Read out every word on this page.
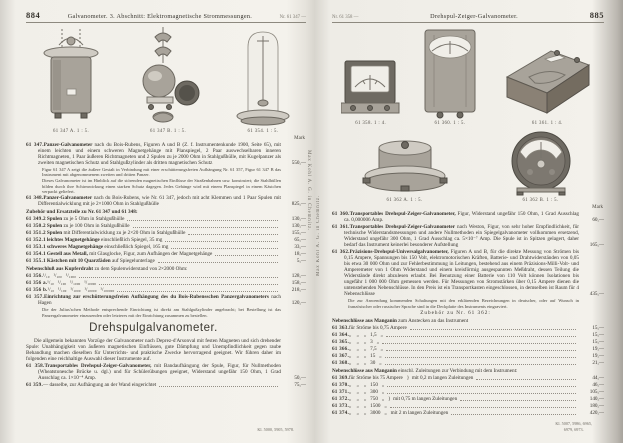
884	Galvanometer. 3. Abschnitt: Elektromagnetische Strommessungen.	Nr. 61 347 —
61 347 A. 1 : 5.	61 347 B. 1 : 5.	61 354. 1 : 5.
Mark
61 347.Panzer-Galvanometer nach du Bois-Rubens, Figuren A und B (Z. f. Instrumentenkunde 1900, Seite 65), mit einem leichten und einem schweren Magnetgehänge mit Planspiegel, 2 Paar auswechselbaren inneren Richtmagneten, 1 Paar äußeren Richtmagneten und 2 Spulen zu je 2000 Ohm in Stahlgußhülle, mit Kugelpanzer als zweiten magnetischen Schutz und Stahlgußzylinder als dritten magnetischen Schutz	550,—
Figur 61 347 A zeigt die äußere Gestalt in Verbindung mit einer erschütterungsfreien Aufhängung Nr. 61 357, Figur 61 347 B das Instrument mit abgenommenem zweiten und dritten Panzer.
Dieses Galvanometer ist im Hinblick auf die störenden magnetischen Einflüsse der Straßenbahnen usw. konstruiert; die Stahlhüllen bilden durch ihre Schirmwirkung einen starken Schutz dagegen. Jedes Gehänge wird mit einem Planspiegel in einem Kästchen verpackt geliefert.
61 348.Panzer-Galvanometer nach du Bois-Rubens, wie Nr. 61 347, jedoch mit acht Klemmen und 1 Paar Spulen mit Differentialwicklung mit je 2×1000 Ohm in Stahlgußhülle	825,—
Zubehör und Ersatzteile zu Nr. 61 347 und 61 348:
61 349.2 Spulen zu je 5 Ohm in Stahlgußhülle	130,—
61 350.2 Spulen zu je 100 Ohm in Stahlgußhülle	130,—
61 351.2 Spulen mit Differentialwicklung zu je 2×20 Ohm in Stahlgußhülle	155,—
61 352.1 leichtes Magnetgehänge einschließlich Spiegel, 35 mg	65,—
61 353.1 schweres Magnetgehänge einschließlich Spiegel, 165 mg	33,—
61 354.1 Gestell aus Metall, mit Glasglocke, Figur, zum Aufhängen der Magnetgehänge	18,—
61 355.1 Kästchen mit 10 Quarzfäden auf Spiegelunterlage	5,—
Nebenschluß aus Kupferdraht zu dem Spulenwiderstand von 2×2000 Ohm:
61 356.¹/₁₀   ¹/₁₀₀   ¹/₁₀₀₀	128,—
61 356 a.¹/₁₀   ¹/₁₀₀   ¹/₁₀₀₀   ¹/₁₀₀₀₀	158,—
61 356 b.¹/₁₀   ¹/₁₀₀   ¹/₁₀₀₀   ¹/₁₀₀₀₀   ¹/₁₀₀₀₀₀	218,—
61 357.Einrichtung zur erschütterungsfreien Aufhängung des du Bois-Rubensschen Panzergalvanometers nach Hagen	120,—
Die der Julius'schen Methode entsprechende Einrichtung ist direkt am Stahlgußzylinder angebracht; bei Bestellung ist das Panzergalvanometer einzusenden oder letzteres mit der Einrichtung zusammen zu bestellen.
Drehspulgalvanometer.
Die allgemein bekannten Vorzüge der Galvanometer nach Deprez-d'Arsonval mit festen Magneten und sich drehender Spule: Unabhängigkeit von äußeren magnetischen Einflüssen, gute Dämpfung und Unempfindlichkeit gegen raube Behandlung machen dieselben für Unterrichts- und praktische Zwecke hervorragend geeignet. Wir führen daher im folgenden eine reichhaltige Auswahl dieser Instrumente auf.
61 358.Transportables Drehspul-Zeiger-Galvanometer, mit Bandaufhängung der Spule, Figur, für Nullmethoden (Wheatstonesche Brücke u. dgl.) und für Schülerübungen geeignet, Widerstand ungefähr 150 Ohm, 1 Grad Ausschlag ca. 1×10⁻⁴ Amp.	50,—
61 359.— dasselbe, zur Aufhängung an der Wand eingerichtet	75,—
Kl. 5000, 5905, 5978.
Nr. 61 358 —	Drehspul-Zeiger-Galvanometer.	885
61 358. 1 : 4.	61 360. 1 : 5.	61 361. 1 : 4.
61 362 A. 1 : 5.	61 362 B. 1 : 5.
Mark
61 360.Transportables Drehspul-Zeiger-Galvanometer, Figur, Widerstand ungefähr 150 Ohm, 1 Grad Ausschlag ca. 0,000006 Amp.	60,—
61 361.Transportables Drehspul-Zeiger-Galvanometer nach Weston, Figur, von sehr hoher Empfindlichkeit, für technische Widerstandsmessungen und andere Nullmethoden ein Spiegelgalvanometer vollkommen ersetzend, Widerstand ungefähr 300 Ohm, 1 Grad Ausschlag ca. 5×10⁻⁷ Amp. Die Spule ist in Spitzen gelagert, daher bedarf das Instrument keinerlei besonderer Aufstellung	165,—
61 362.Präzisions-Drehspul-Universalgalvanometer, Figuren A und B, für die direkte Messung von Strömen bis 0,15 Ampere, Spannungen bis 150 Volt, elektromotorischen Kräften, Batterie- und Drahtwiderständen von 0,05 bis etwa 30 000 Ohm und zur Fehlerbestimmung in Leitungen, bestehend aus einem Präzisions-Milli-Volt- und Amperemeter von 1 Ohm Widerstand und einem kreisförmig ausgespannten Meßdraht, dessen Teilung die Widerstände direkt abzulesen erlaubt. Bei Benutzung einer Batterie von 110 Volt können Isolationen bis ungefähr 1 000 000 Ohm gemessen werden. Für Messungen von Stromstärken über 0,15 Ampere dienen die untenstehenden Nebenschlüsse. In den Preis ist ein Transportkasten eingeschlossen, in demselben ist Raum für 4 Nebenschlüsse	435,—
Die zur Anwendung kommenden Schaltungen mit den erklärenden Bezeichnungen in deutscher, oder auf Wunsch in französischer oder russischer Sprache sind in die Deckplatte des Instruments eingraviert.
Zubehör zu Nr. 61 362:
Nebenschlüsse aus Manganin zum Anstecken an das Instrument
61 363.für Ströme bis 0,75 Ampere	15,—
61 364.„    „    „   1,5   „	15,—
61 365.„    „    „   3   „	15,—
61 366.„    „    „   7,5   „	19,—
61 367.„    „    „   15   „	19,—
61 368.„    „    „   30   „	21,—
Nebenschlüsse aus Manganin einschl. Zuleitungen zur Verbindung mit dem Instrument:
61 369.für Ströme bis 75 Ampere   }  mit 0,2 m langen Zuleitungen	44,—
61 370.„    „    „   150   „	46,—
61 371.„    „    „   300   „	105,—
61 372.„    „    „   750   „   }  mit 0,75 m langen Zuleitungen	140,—
61 373.„    „    „   1500   „	180,—
61 374.„    „    „   3000   „   mit 2 m langen Zuleitungen	420,—
Kl. 5007, 5986, 6965,
6979, 6973.
Max Kohl A. G. in Chemnitz.
Max Kohl A. G. in Chemnitz.
